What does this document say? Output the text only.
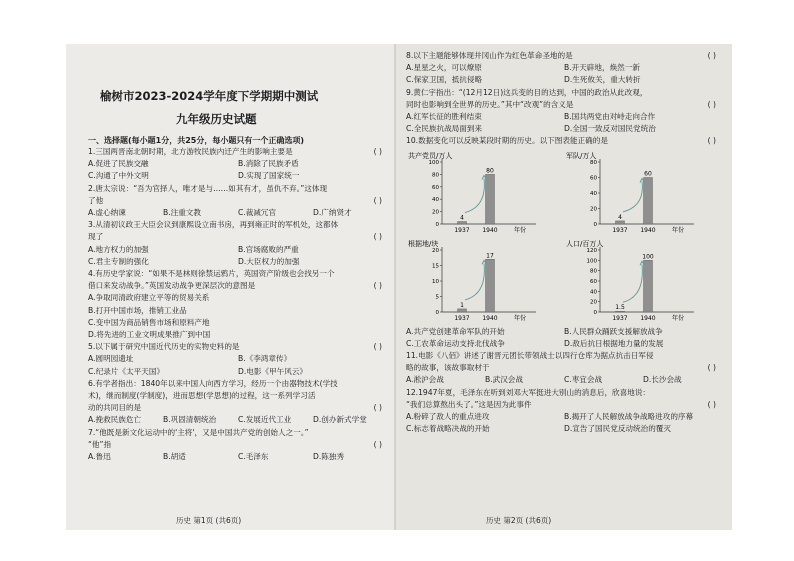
榆树市2023-2024学年度下学期期中测试
九年级历史试题
一、选择题(每小题1分，共25分，每小题只有一个正确选项)
1.三国两晋南北朝时期，北方游牧民族内迁产生的影响主要是	( )
A.促进了民族交融	B.消除了民族矛盾
C.沟通了中外文明	D.实现了国家统一
2.唐太宗说：“吾为官择人，唯才是与……如其有才，虽仇不弃。”这体现
了他	( )
A.虚心纳谏	B.注重文教	C.裁减冗官	D.广纳贤才
3.从清初议政王大臣会议到康熙设立南书房，再到雍正时的军机处，这都体
现了	( )
A.地方权力的加强	B.官场腐败的严重
C.君主专制的强化	D.大臣权力的加强
4.有历史学家说：“如果不是林则徐禁运鸦片，英国资产阶级也会找另一个
借口来发动战争。”英国发动战争更深层次的意图是	( )
A.争取同清政府建立平等的贸易关系
B.打开中国市场，推销工业品
C.变中国为商品销售市场和原料产地
D.将先进的工业文明成果推广到中国
5.以下属于研究中国近代历史的实物史料的是	( )
A.圆明园遗址	B.《李鸿章传》
C.纪录片《太平天国》	D.电影《甲午风云》
6.有学者指出：1840年以来中国人向西方学习，经历一个由器物技术(学技
术)，继而制度(学制度)，进而思想(学思想)的过程，这一系列学习活
动的共同目的是	( )
A.挽救民族危亡	B.巩固清朝统治	C.发展近代工业	D.创办新式学堂
7.“他既是新文化运动中的'主将'，又是中国共产党的创始人之一。”
“他”指	( )
A.鲁迅	B.胡适	C.毛泽东	D.陈独秀
历史 第1页 (共6页)
8.以下主题能够体现井冈山作为红色革命圣地的是	( )
A.星星之火，可以燎原	B.开天辟地，焕然一新
C.保家卫国，抵抗侵略	D.生死攸关，重大转折
9.黄仁宇指出：“(12月12日)这兵变的目的达到，中国的政治从此改观，
同时也影响到全世界的历史。”其中“改观”的含义是	( )
A.红军长征的胜利结束	B.国共两党由对峙走向合作
C.全民族抗战局面到来	D.全国一致反对国民党统治
10.数据变化可以反映某段时期的历史。以下图表能正确的是	( )
共产党员/万人
0
20
40
60
80
100
4
1937
80
1940	年份
军队/万人
0
20
40
60
80
4
1937
60
1940	年份
根据地/块
0
5
10
15
20
1
1937
17
1940	年份
人口/百万人
0
20
40
60
80
100
120
1.5
1937
100
1940	年份
A.共产党创建革命军队的开始	B.人民群众踊跃支援解放战争
C.工农革命运动支持北伐战争	D.敌后抗日根据地力量的发展
11.电影《八佰》讲述了谢晋元团长带领战士以四行仓库为据点抗击日军侵
略的故事，该故事取材于	( )
A.淞沪会战	B.武汉会战	C.枣宜会战	D.长沙会战
12.1947年夏，毛泽东在听到刘邓大军挺进大别山的消息后，欣喜地说：
“我们总算熬出头了。”这是因为此事件	( )
A.粉碎了敌人的重点进攻	B.揭开了人民解放战争战略进攻的序幕
C.标志着战略决战的开始	D.宣告了国民党反动统治的覆灭
历史 第2页 (共6页)
